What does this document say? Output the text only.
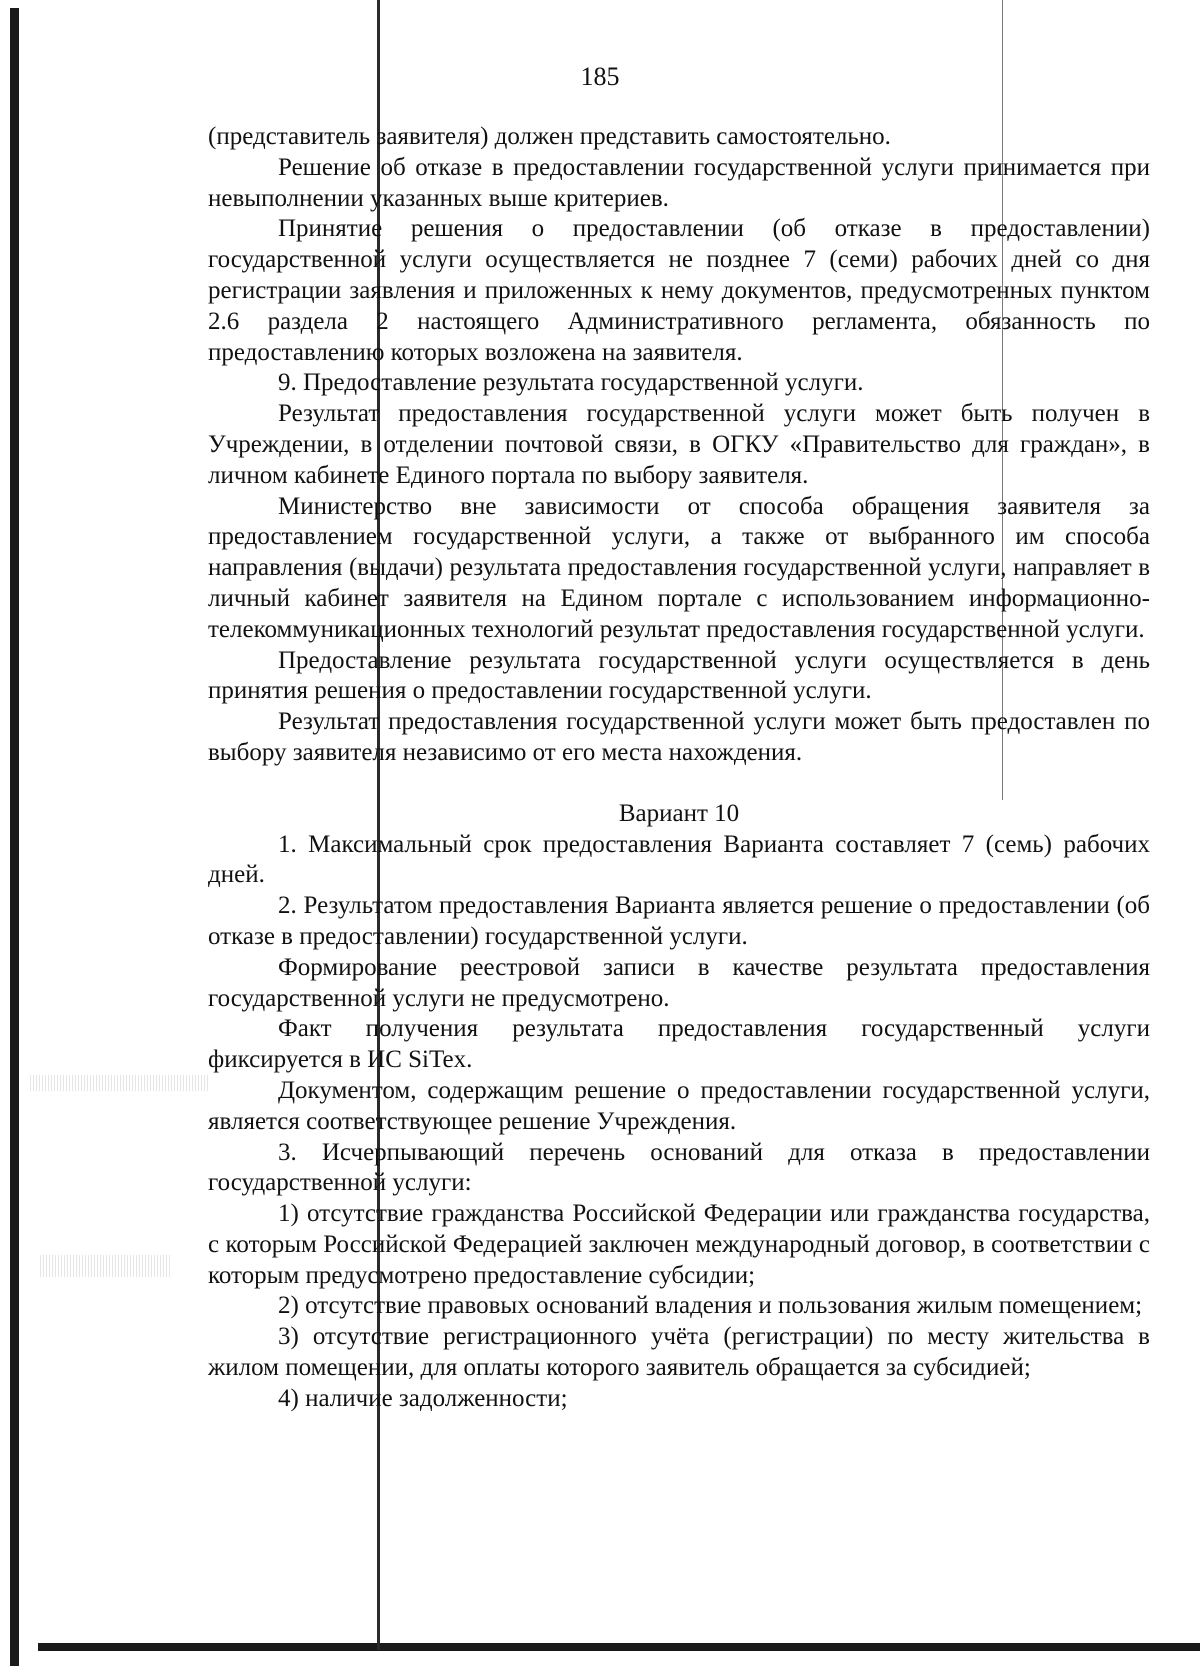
185

(представитель заявителя) должен представить самостоятельно.

Решение об отказе в предоставлении государственной услуги принимается при невыполнении указанных выше критериев.

Принятие решения о предоставлении (об отказе в предоставлении) государственной услуги осуществляется не позднее 7 (семи) рабочих дней со дня регистрации заявления и приложенных к нему документов, предусмотренных пунктом 2.6 раздела 2 настоящего Административного регламента, обязанность по предоставлению которых возложена на заявителя.

9. Предоставление результата государственной услуги.

Результат предоставления государственной услуги может быть получен в Учреждении, в отделении почтовой связи, в ОГКУ «Правительство для граждан», в личном кабинете Единого портала по выбору заявителя.

Министерство вне зависимости от способа обращения заявителя за предоставлением государственной услуги, а также от выбранного им способа направления (выдачи) результата предоставления государственной услуги, направляет в личный кабинет заявителя на Едином портале с использованием информационно-телекоммуникационных технологий результат предоставления государственной услуги.

Предоставление результата государственной услуги осуществляется в день принятия решения о предоставлении государственной услуги.

Результат предоставления государственной услуги может быть предоставлен по выбору заявителя независимо от его места нахождения.

Вариант 10

1. Максимальный срок предоставления Варианта составляет 7 (семь) рабочих дней.

2. Результатом предоставления Варианта является решение о предоставлении (об отказе в предоставлении) государственной услуги.

Формирование реестровой записи в качестве результата предоставления государственной услуги не предусмотрено.

Факт получения результата предоставления государственный услуги фиксируется в ИС SiTex.

Документом, содержащим решение о предоставлении государственной услуги, является соответствующее решение Учреждения.

3. Исчерпывающий перечень оснований для отказа в предоставлении государственной услуги:

1) отсутствие гражданства Российской Федерации или гражданства государства, с которым Российской Федерацией заключен международный договор, в соответствии с которым предусмотрено предоставление субсидии;

2) отсутствие правовых оснований владения и пользования жилым помещением;

3) отсутствие регистрационного учёта (регистрации) по месту жительства в жилом помещении, для оплаты которого заявитель обращается за субсидией;

4) наличие задолженности;
